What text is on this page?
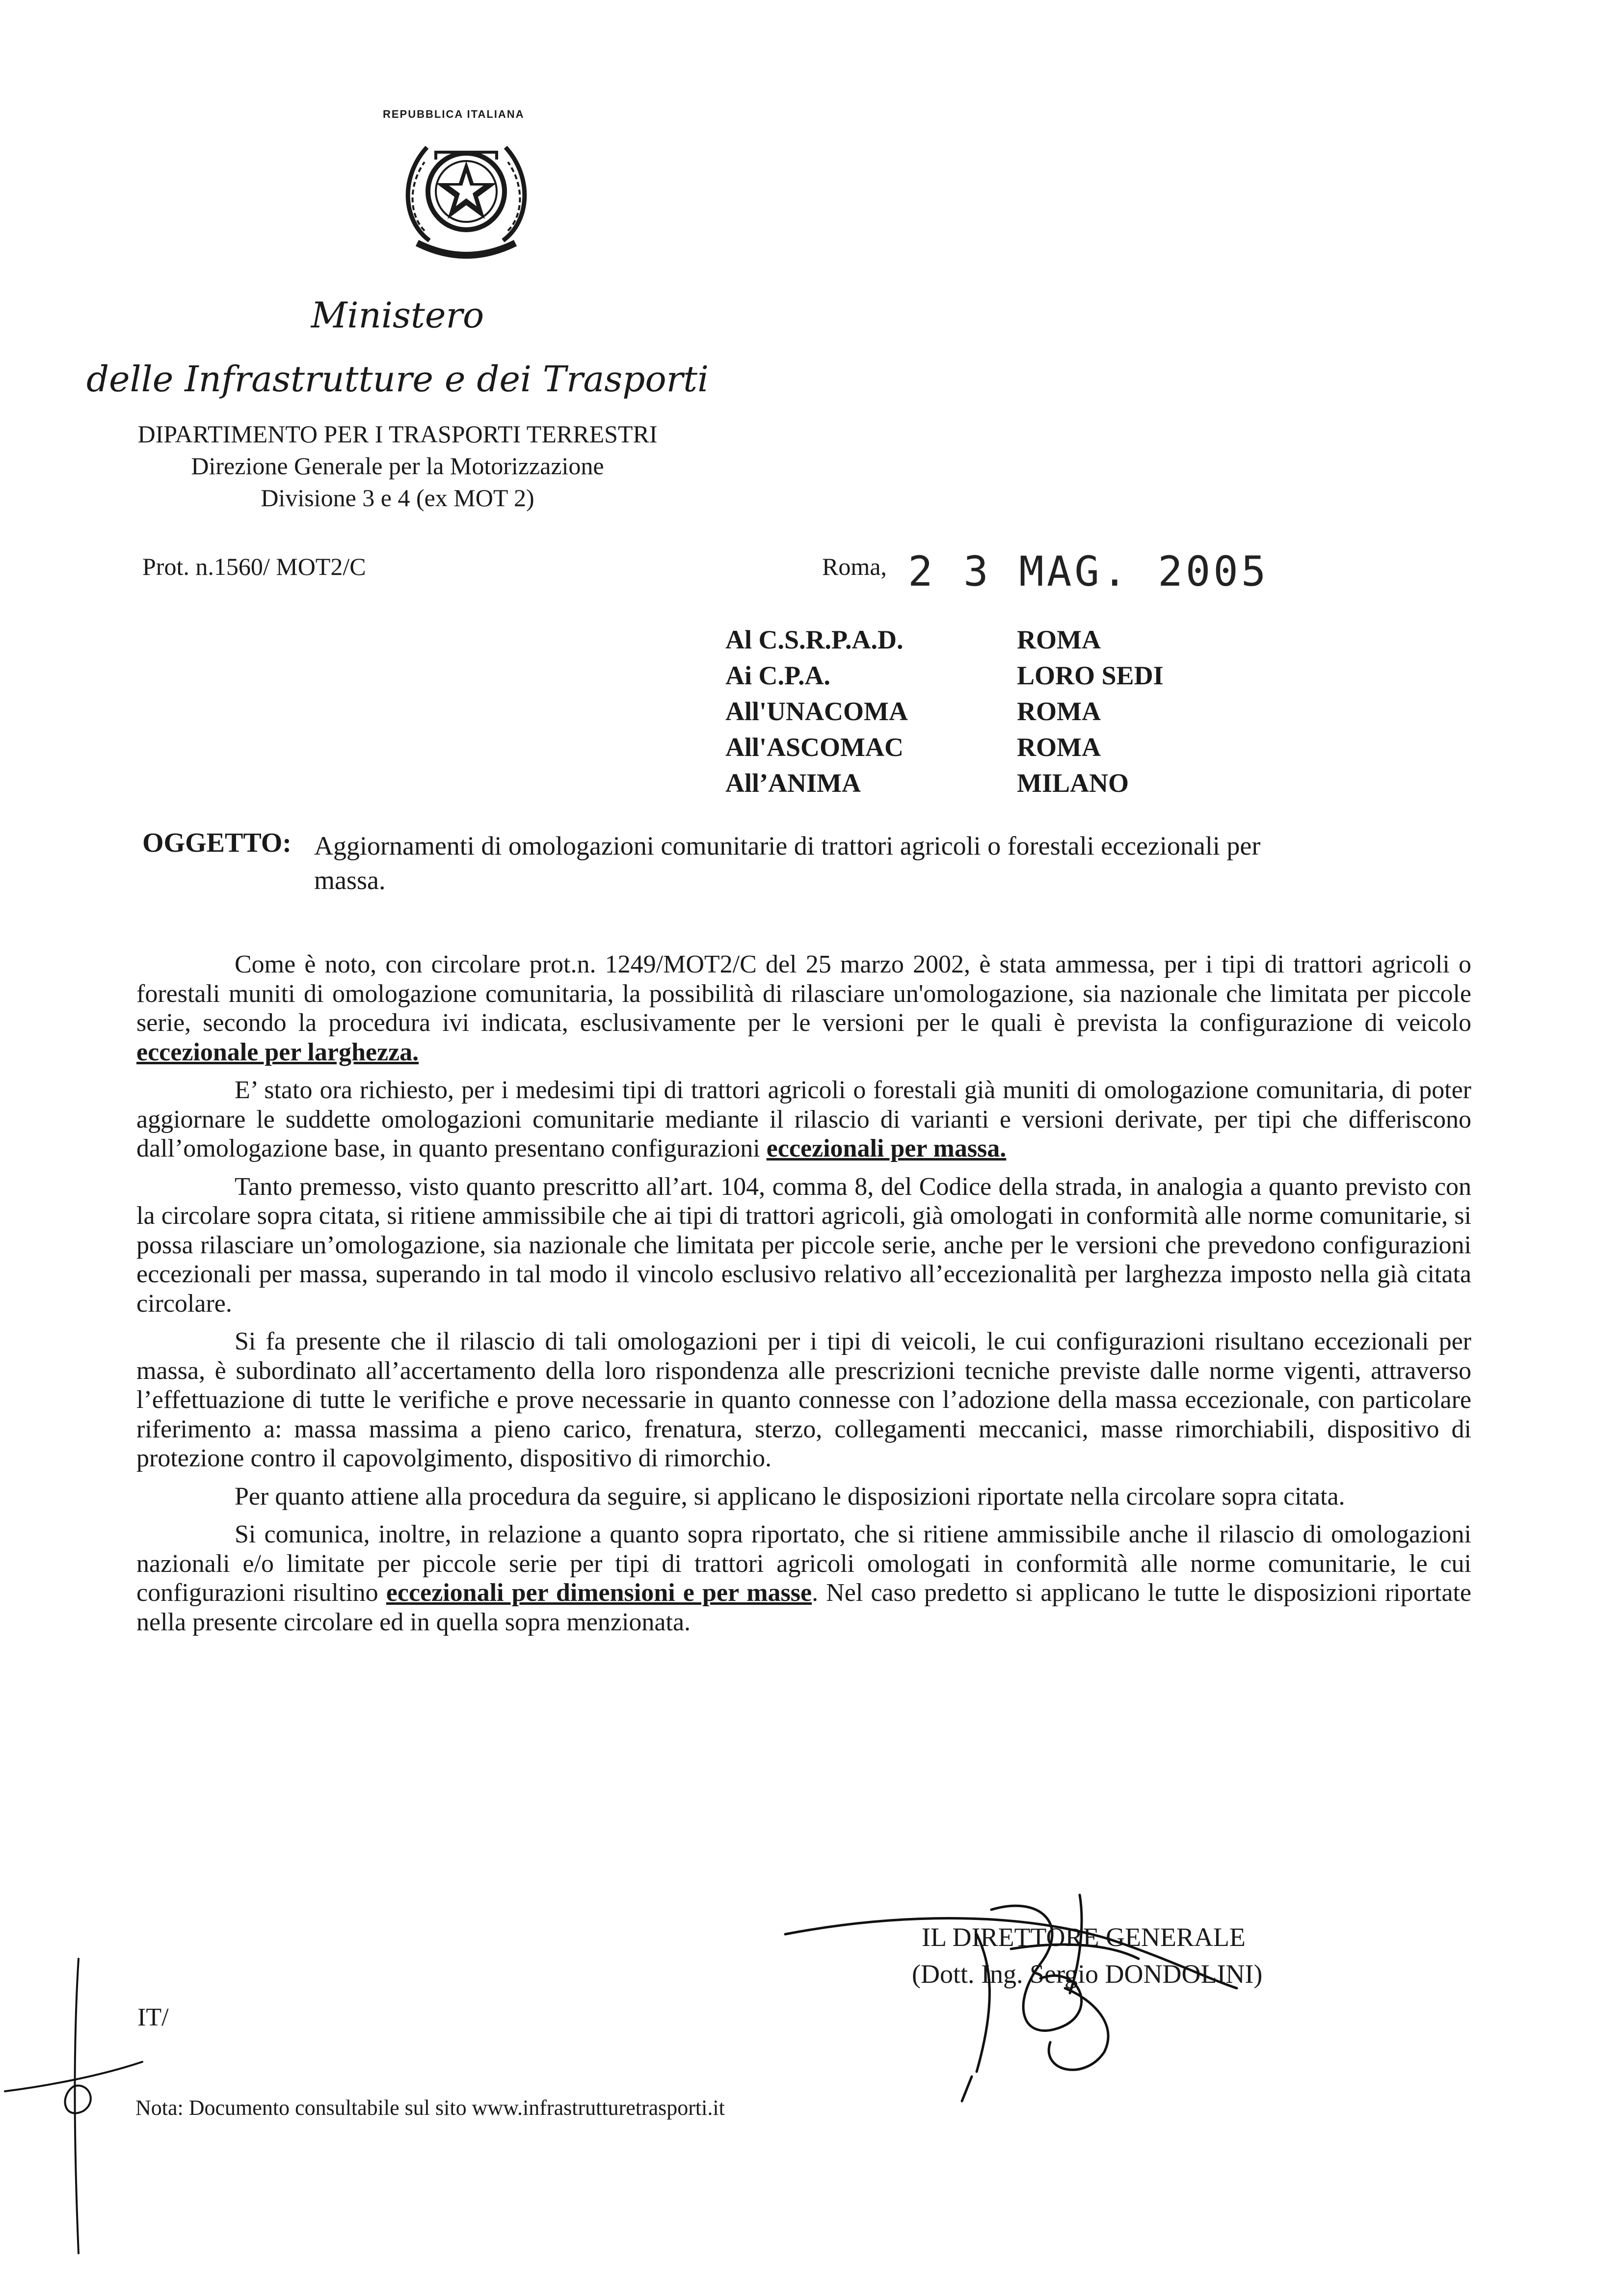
REPUBBLICA ITALIANA
Ministero
delle Infrastrutture e dei Trasporti
DIPARTIMENTO PER I TRASPORTI TERRESTRI
Direzione Generale per la Motorizzazione
Divisione 3 e 4 (ex MOT 2)
Prot. n.1560/ MOT2/C	Roma, 2 3 MAG. 2005
Al C.S.R.P.A.D.	ROMA
Ai C.P.A.	LORO SEDI
All'UNACOMA	ROMA
All'ASCOMAC	ROMA
All’ANIMA	MILANO
OGGETTO: Aggiornamenti di omologazioni comunitarie di trattori agricoli o forestali eccezionali per massa.

Come è noto, con circolare prot.n. 1249/MOT2/C del 25 marzo 2002, è stata ammessa, per i tipi di trattori agricoli o forestali muniti di omologazione comunitaria, la possibilità di rilasciare un'omologazione, sia nazionale che limitata per piccole serie, secondo la procedura ivi indicata, esclusivamente per le versioni per le quali è prevista la configurazione di veicolo eccezionale per larghezza.

E’ stato ora richiesto, per i medesimi tipi di trattori agricoli o forestali già muniti di omologazione comunitaria, di poter aggiornare le suddette omologazioni comunitarie mediante il rilascio di varianti e versioni derivate, per tipi che differiscono dall’omologazione base, in quanto presentano configurazioni eccezionali per massa.

Tanto premesso, visto quanto prescritto all’art. 104, comma 8, del Codice della strada, in analogia a quanto previsto con la circolare sopra citata, si ritiene ammissibile che ai tipi di trattori agricoli, già omologati in conformità alle norme comunitarie, si possa rilasciare un’omologazione, sia nazionale che limitata per piccole serie, anche per le versioni che prevedono configurazioni eccezionali per massa, superando in tal modo il vincolo esclusivo relativo all’eccezionalità per larghezza imposto nella già citata circolare.

Si fa presente che il rilascio di tali omologazioni per i tipi di veicoli, le cui configurazioni risultano eccezionali per massa, è subordinato all’accertamento della loro rispondenza alle prescrizioni tecniche previste dalle norme vigenti, attraverso l’effettuazione di tutte le verifiche e prove necessarie in quanto connesse con l’adozione della massa eccezionale, con particolare riferimento a: massa massima a pieno carico, frenatura, sterzo, collegamenti meccanici, masse rimorchiabili, dispositivo di protezione contro il capovolgimento, dispositivo di rimorchio.

Per quanto attiene alla procedura da seguire, si applicano le disposizioni riportate nella circolare sopra citata.

Si comunica, inoltre, in relazione a quanto sopra riportato, che si ritiene ammissibile anche il rilascio di omologazioni nazionali e/o limitate per piccole serie per tipi di trattori agricoli omologati in conformità alle norme comunitarie, le cui configurazioni risultino eccezionali per dimensioni e per masse. Nel caso predetto si applicano le tutte le disposizioni riportate nella presente circolare ed in quella sopra menzionata.

IL DIRETTORE GENERALE
(Dott. Ing. Sergio DONDOLINI)
IT/
Nota: Documento consultabile sul sito www.infrastrutturetrasporti.it
